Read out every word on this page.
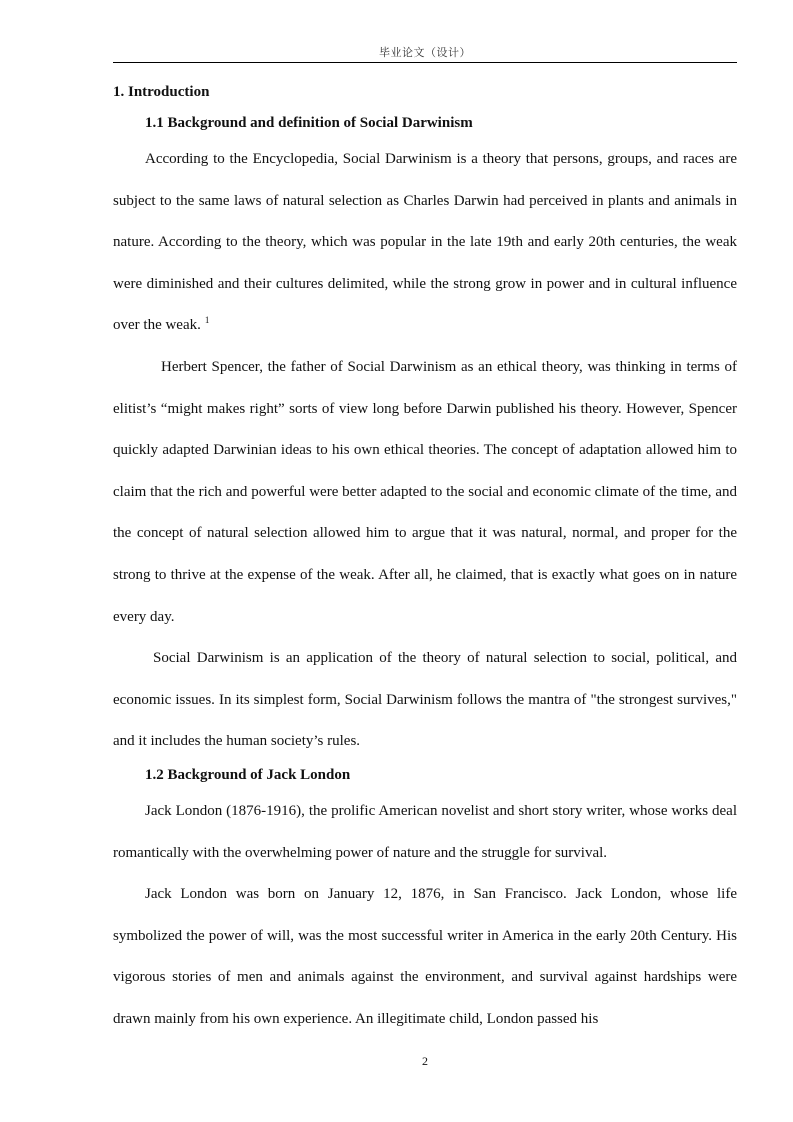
毕业论文（设计）
1. Introduction
1.1 Background and definition of Social Darwinism

According to the Encyclopedia, Social Darwinism is a theory that persons, groups, and races are subject to the same laws of natural selection as Charles Darwin had perceived in plants and animals in nature. According to the theory, which was popular in the late 19th and early 20th centuries, the weak were diminished and their cultures delimited, while the strong grow in power and in cultural influence over the weak. $^1$

Herbert Spencer, the father of Social Darwinism as an ethical theory, was thinking in terms of elitist’s “might makes right” sorts of view long before Darwin published his theory. However, Spencer quickly adapted Darwinian ideas to his own ethical theories. The concept of adaptation allowed him to claim that the rich and powerful were better adapted to the social and economic climate of the time, and the concept of natural selection allowed him to argue that it was natural, normal, and proper for the strong to thrive at the expense of the weak. After all, he claimed, that is exactly what goes on in nature every day.

Social Darwinism is an application of the theory of natural selection to social, political, and economic issues. In its simplest form, Social Darwinism follows the mantra of "the strongest survives," and it includes the human society’s rules.

1.2 Background of Jack London

Jack London (1876-1916), the prolific American novelist and short story writer, whose works deal romantically with the overwhelming power of nature and the struggle for survival.

Jack London was born on January 12, 1876, in San Francisco. Jack London, whose life symbolized the power of will, was the most successful writer in America in the early 20th Century. His vigorous stories of men and animals against the environment, and survival against hardships were drawn mainly from his own experience. An illegitimate child, London passed his

2
